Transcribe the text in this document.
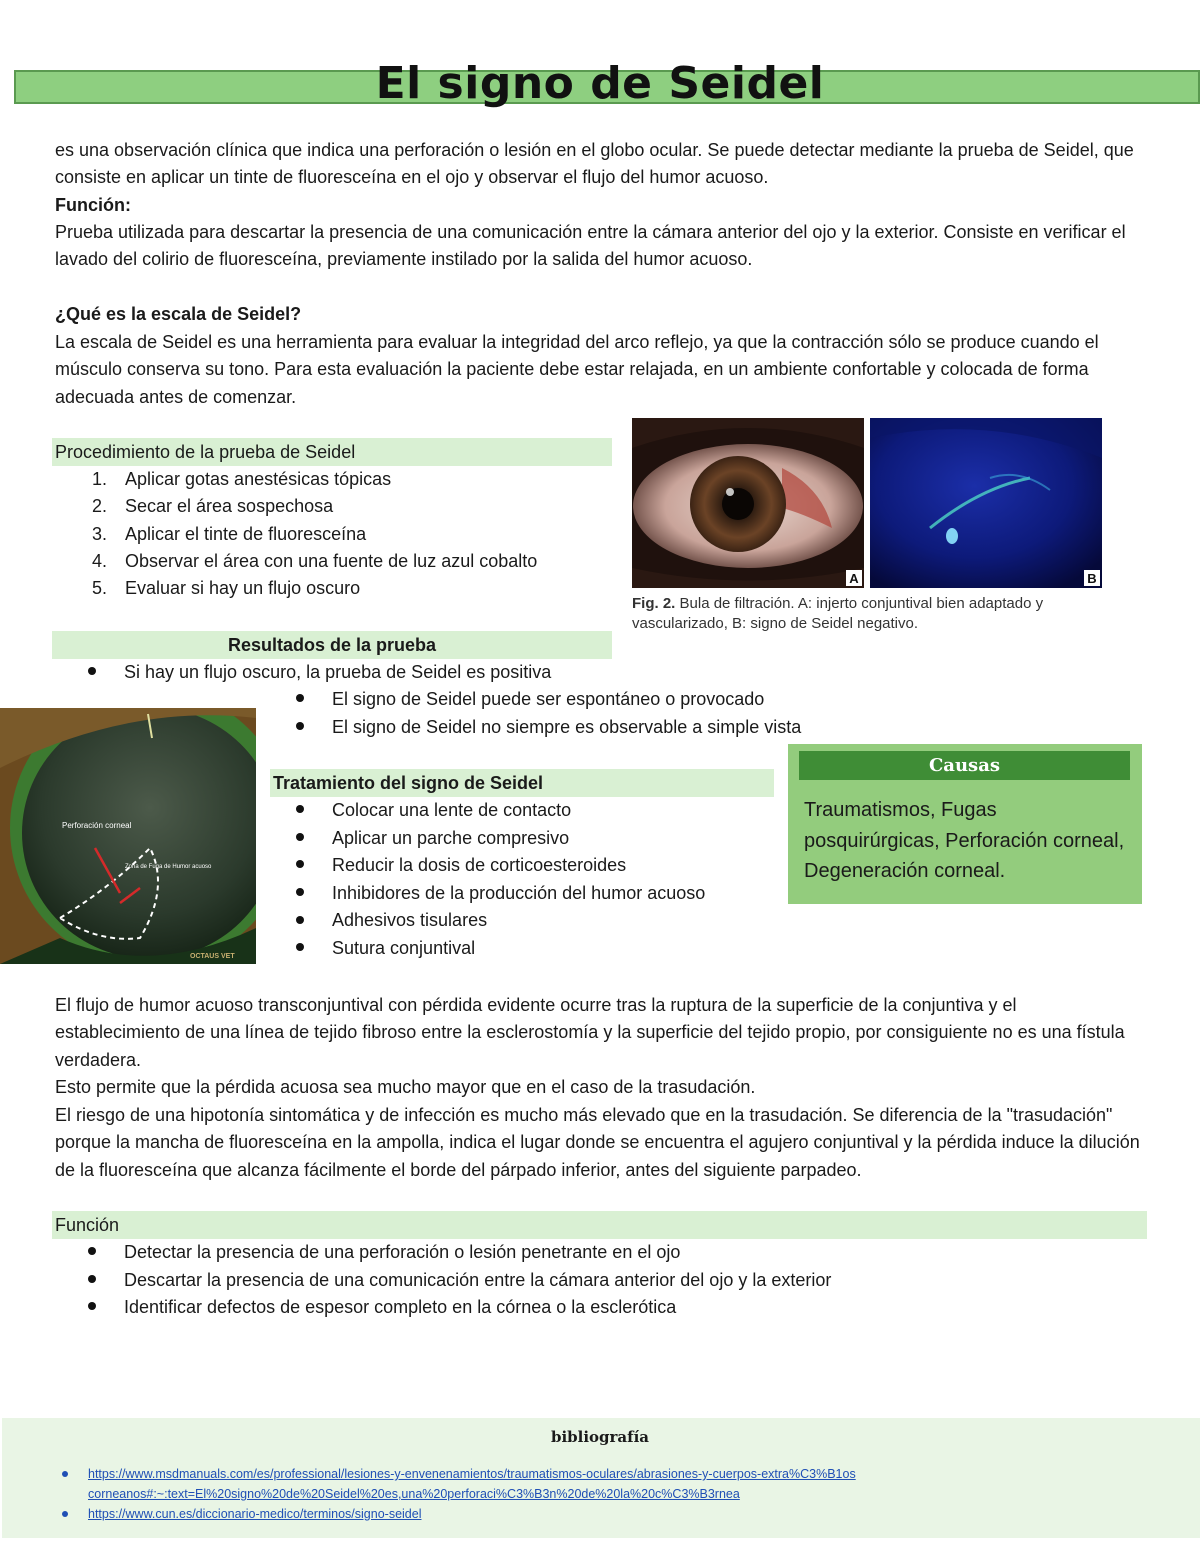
El signo de Seidel
es una observación clínica que indica una perforación o lesión en el globo ocular. Se puede detectar mediante la prueba de Seidel, que consiste en aplicar un tinte de fluoresceína en el ojo y observar el flujo del humor acuoso.
Función:
Prueba utilizada para descartar la presencia de una comunicación entre la cámara anterior del ojo y la exterior. Consiste en verificar el lavado del colirio de fluoresceína, previamente instilado por la salida del humor acuoso.
¿Qué es la escala de Seidel?
La escala de Seidel es una herramienta para evaluar la integridad del arco reflejo, ya que la contracción sólo se produce cuando el músculo conserva su tono. Para esta evaluación la paciente debe estar relajada, en un ambiente confortable y colocada de forma adecuada antes de comenzar.
Procedimiento de la prueba de Seidel
1. Aplicar gotas anestésicas tópicas
2. Secar el área sospechosa
3. Aplicar el tinte de fluoresceína
4. Observar el área con una fuente de luz azul cobalto
5. Evaluar si hay un flujo oscuro	A	B
Fig. 2. Bula de filtración. A: injerto conjuntival bien adaptado y vascularizado, B: signo de Seidel negativo.
Resultados de la prueba
Si hay un flujo oscuro, la prueba de Seidel es positiva
El signo de Seidel puede ser espontáneo o provocado
El signo de Seidel no siempre es observable a simple vista
Perforación corneal
Zona de Fuga de Humor acuoso
OCTAUS VET
Tratamiento del signo de Seidel
Colocar una lente de contacto
Aplicar un parche compresivo
Reducir la dosis de corticoesteroides
Inhibidores de la producción del humor acuoso
Adhesivos tisulares
Sutura conjuntival
Causas
Traumatismos, Fugas posquirúrgicas, Perforación corneal, Degeneración corneal.
El flujo de humor acuoso transconjuntival con pérdida evidente ocurre tras la ruptura de la superficie de la conjuntiva y el establecimiento de una línea de tejido fibroso entre la esclerostomía y la superficie del tejido propio, por consiguiente no es una fístula verdadera.
Esto permite que la pérdida acuosa sea mucho mayor que en el caso de la trasudación.
El riesgo de una hipotonía sintomática y de infección es mucho más elevado que en la trasudación. Se diferencia de la "trasudación" porque la mancha de fluoresceína en la ampolla, indica el lugar donde se encuentra el agujero conjuntival y la pérdida induce la dilución de la fluoresceína que alcanza fácilmente el borde del párpado inferior, antes del siguiente parpadeo.
Función
Detectar la presencia de una perforación o lesión penetrante en el ojo
Descartar la presencia de una comunicación entre la cámara anterior del ojo y la exterior
Identificar defectos de espesor completo en la córnea o la esclerótica
bibliografía
https://www.msdmanuals.com/es/professional/lesiones-y-envenenamientos/traumatismos-oculares/abrasiones-y-cuerpos-extra%C3%B1os
corneanos#:~:text=El%20signo%20de%20Seidel%20es,una%20perforaci%C3%B3n%20de%20la%20c%C3%B3rnea
https://www.cun.es/diccionario-medico/terminos/signo-seidel
